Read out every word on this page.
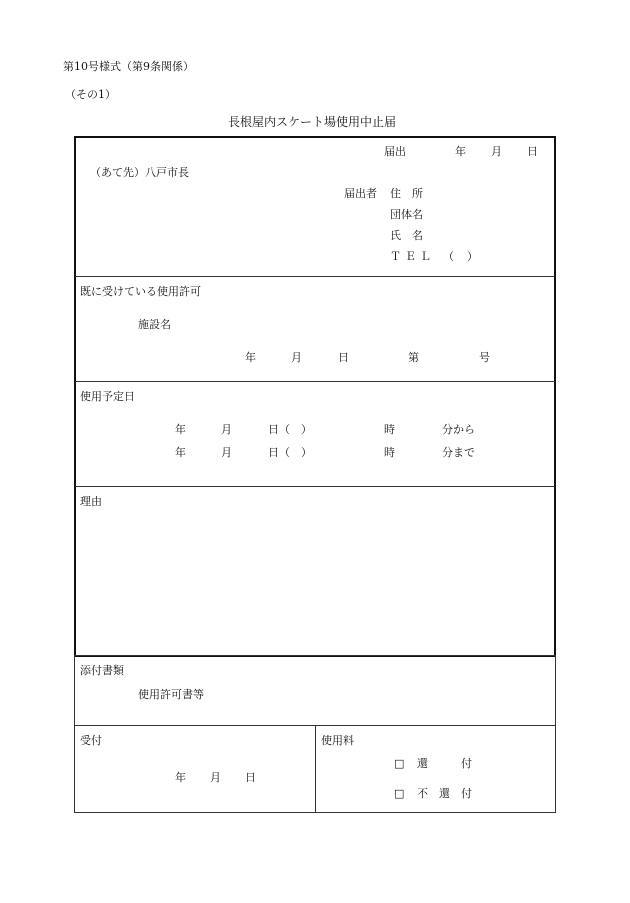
第10号様式（第9条関係）
（その1）
長根屋内スケート場使用中止届
届出	年 月 日
（あて先）八戸市長
届出者 住　所
団体名
氏　名
ＴＥＬ （ ）
既に受けている使用許可
施設名
年	月	日	第	号
使用予定日
年	月	日（　）	時	分から
年	月	日（　）	時	分まで
理由
添付書類
使用許可書等
受付
年 月 日
使用料
□ 還　　　付
□ 不　還　付
